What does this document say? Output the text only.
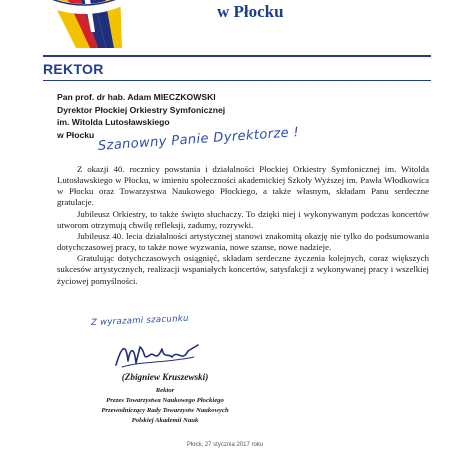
w Płocku
REKTOR
Pan prof. dr hab. Adam MIECZKOWSKI
Dyrektor Płockiej Orkiestry Symfonicznej
im. Witolda Lutosławskiego
w Płocku Szanowny Panie Dyrektorze !

Z okazji 40. rocznicy powstania i działalności Płockiej Orkiestry Symfonicznej im. Witolda Lutosławskiego w Płocku, w imieniu społeczności akademickiej Szkoły Wyższej im. Pawła Włodkowica w Płocku oraz Towarzystwa Naukowego Płockiego, a także własnym, składam Panu serdeczne gratulacje.

Jubileusz Orkiestry, to także święto słuchaczy. To dzięki niej i wykonywanym podczas koncertów utworom otrzymują chwilę refleksji, zadumy, rozrywki.

Jubileusz 40. lecia działalności artystycznej stanowi znakomitą okazję nie tylko do podsumowania dotychczasowej pracy, to także nowe wyzwania, nowe szanse, nowe nadzieje.

Gratulując dotychczasowych osiągnięć, składam serdeczne życzenia kolejnych, coraz większych sukcesów artystycznych, realizacji wspaniałych koncertów, satysfakcji z wykonywanej pracy i wszelkiej życiowej pomyślności.

Z wyrazami szacunku
(Zbigniew Kruszewski)
Rektor
Prezes Towarzystwa Naukowego Płockiego
Przewodniczący Rady Towarzystw Naukowych
Polskiej Akademii Nauk
Płock, 27 stycznia 2017 roku
